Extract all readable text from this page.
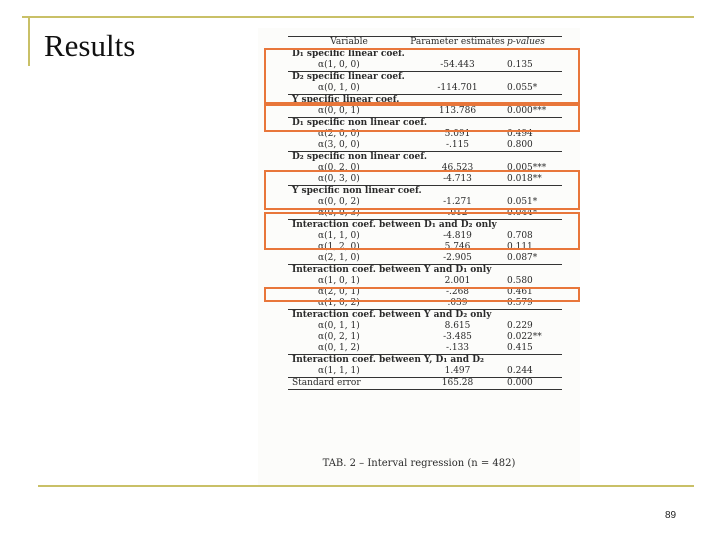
Results	Variable	Parameter estimates p-values
D₁ specific linear coef.
α(1, 0, 0)	-54.443	0.135
D₂ specific linear coef.
α(0, 1, 0)	-114.701	0.055*
Y specific linear coef.
α(0, 0, 1)	113.786	0.000***
D₁ specific non linear coef.
α(2, 0, 0)	5.091	0.494
α(3, 0, 0)	-.115	0.800
D₂ specific non linear coef.
α(0, 2, 0)	46.523	0.005***
α(0, 3, 0)	-4.713	0.018**
Y specific non linear coef.
α(0, 0, 2)	-1.271	0.051*
α(0, 0, 3)	.012	0.044*
Interaction coef. between D₁ and D₂ only
α(1, 1, 0)	-4.819	0.708
α(1, 2, 0)	5.746	0.111
α(2, 1, 0)	-2.905	0.087*
Interaction coef. between Y and D₁ only
α(1, 0, 1)	2.001	0.580
α(2, 0, 1)	-.268	0.461
α(1, 0, 2)	.039	0.579
Interaction coef. between Y and D₂ only
α(0, 1, 1)	8.615	0.229
α(0, 2, 1)	-3.485	0.022**
α(0, 1, 2)	-.133	0.415
Interaction coef. between Y, D₁ and D₂
α(1, 1, 1)	1.497	0.244
Standard error	165.28	0.000
TAB. 2 – Interval regression (n = 482)
89
